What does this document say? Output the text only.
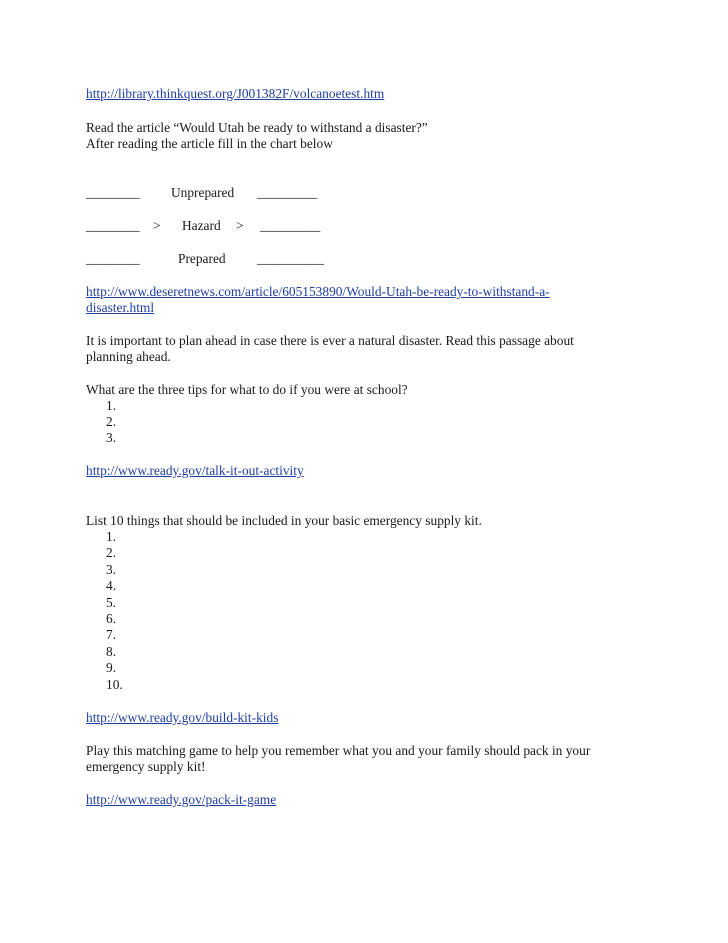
http://library.thinkquest.org/J001382F/volcanoetest.htm
Read the article “Would Utah be ready to withstand a disaster?”
After reading the article fill in the chart below
________ Unprepared _________
________ > Hazard > _________
________	Prepared __________
http://www.deseretnews.com/article/605153890/Would-Utah-be-ready-to-withstand-a-
disaster.html
It is important to plan ahead in case there is ever a natural disaster. Read this passage about
planning ahead.
What are the three tips for what to do if you were at school?
1.
2.
3.
http://www.ready.gov/talk-it-out-activity
List 10 things that should be included in your basic emergency supply kit.
1.
2.
3.
4.
5.
6.
7.
8.
9.
10.
http://www.ready.gov/build-kit-kids
Play this matching game to help you remember what you and your family should pack in your
emergency supply kit!
http://www.ready.gov/pack-it-game
